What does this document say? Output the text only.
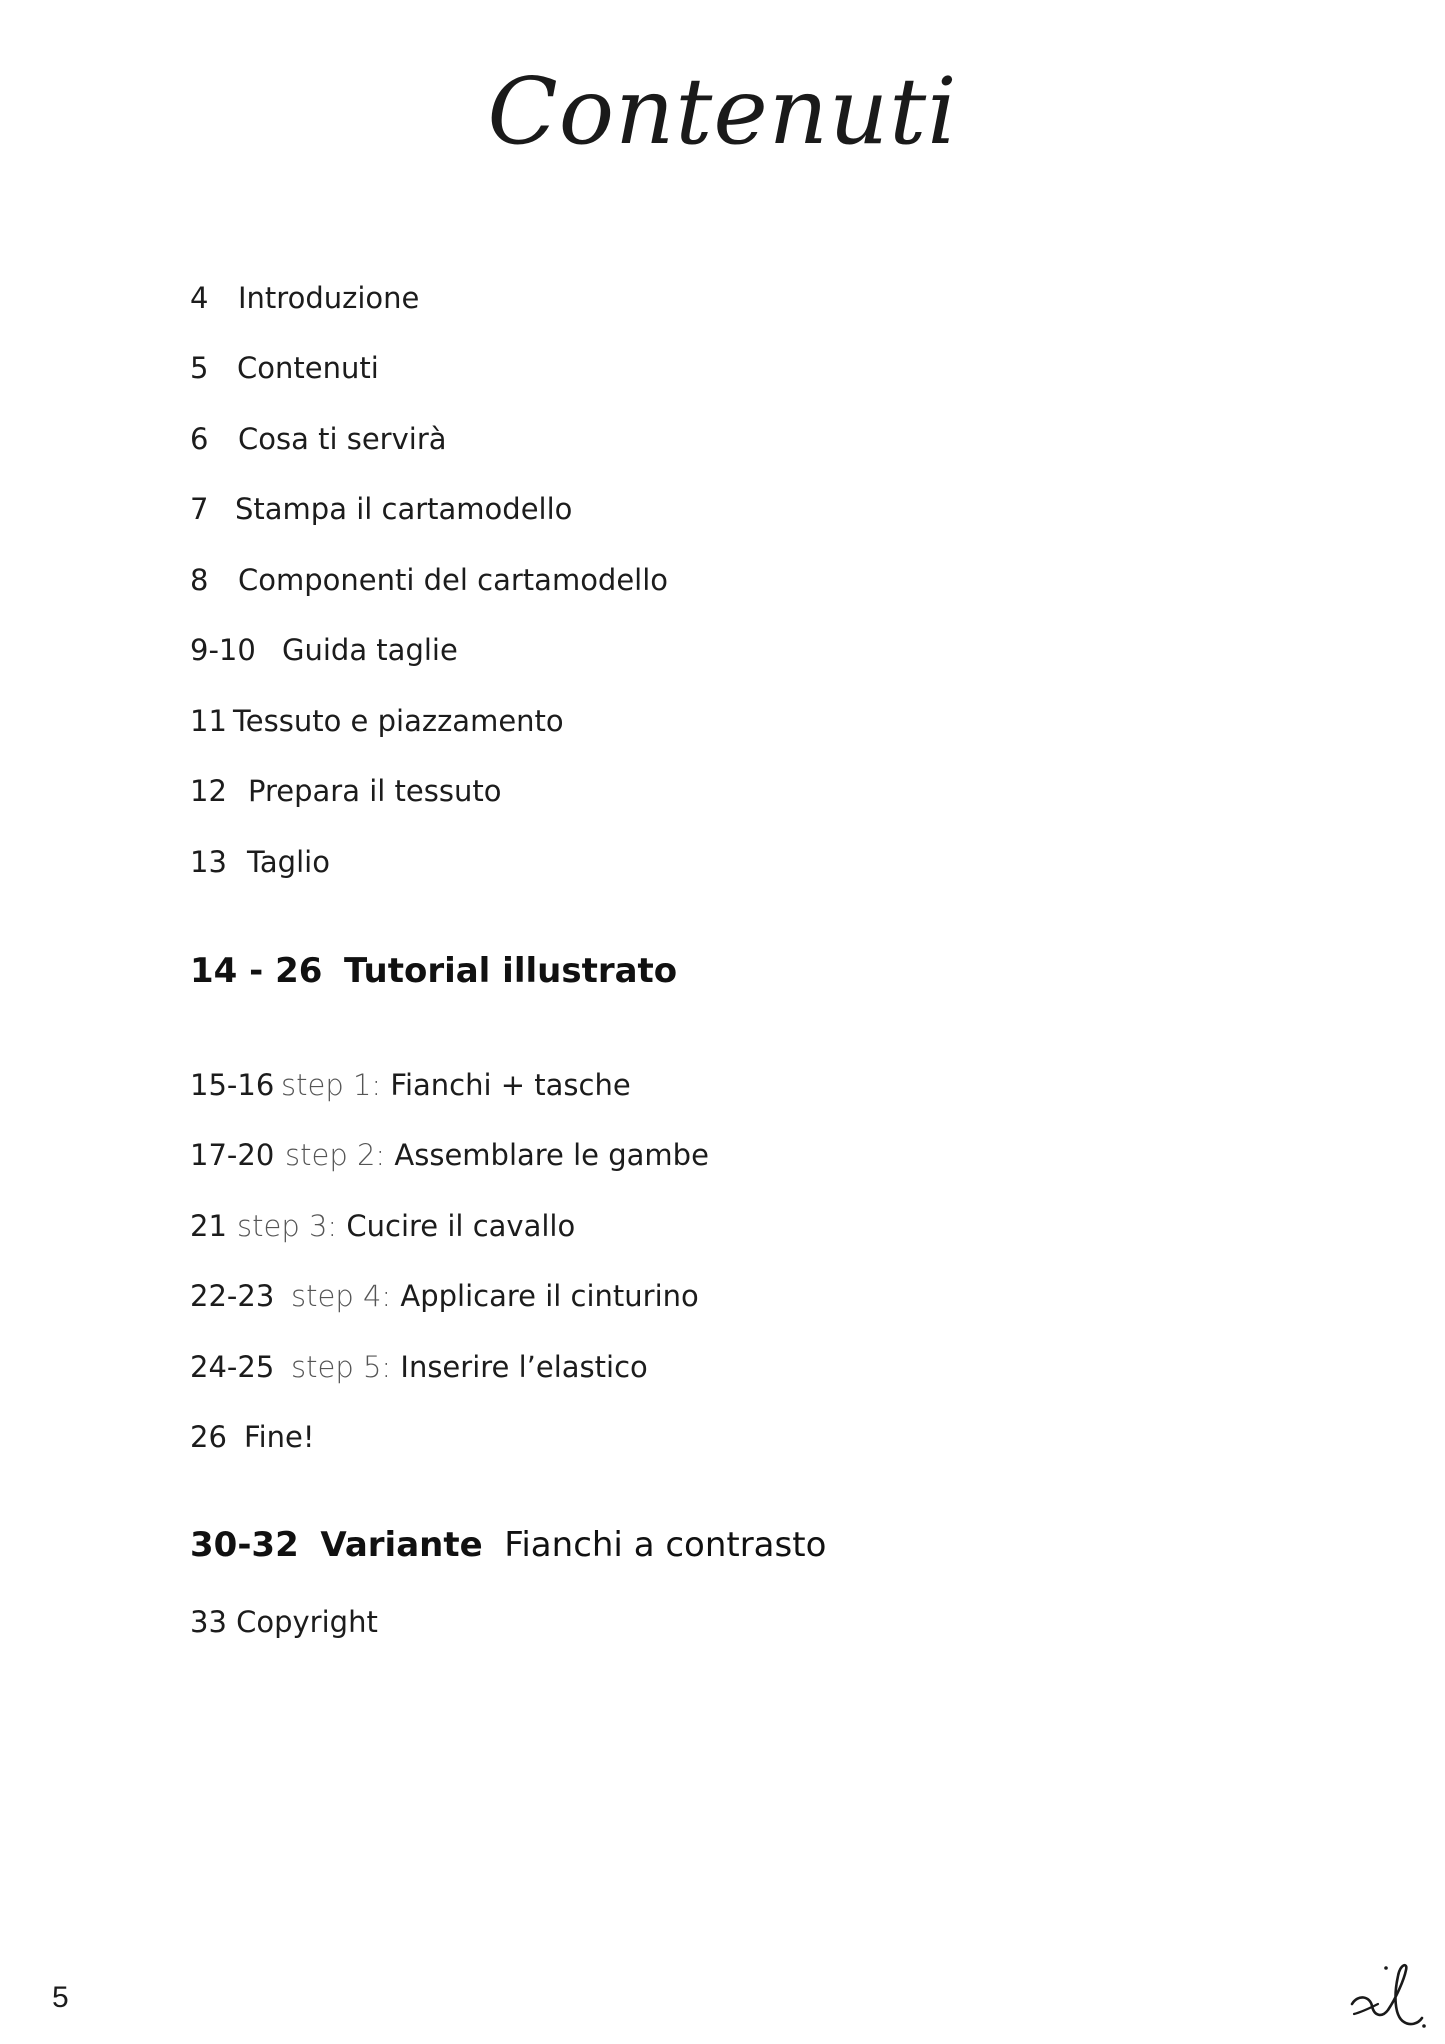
Contenuti
4 Introduzione
5 Contenuti
6 Cosa ti servirà
7 Stampa il cartamodello
8 Componenti del cartamodello
9-10 Guida taglie
11 Tessuto e piazzamento
12 Prepara il tessuto
13 Taglio
14 - 26 Tutorial illustrato
15-16 step 1: Fianchi + tasche
17-20 step 2: Assemblare le gambe
21 step 3: Cucire il cavallo
22-23 step 4: Applicare il cinturino
24-25 step 5: Inserire l’elastico
26 Fine!
30-32 Variante Fianchi a contrasto
33 Copyright
5
